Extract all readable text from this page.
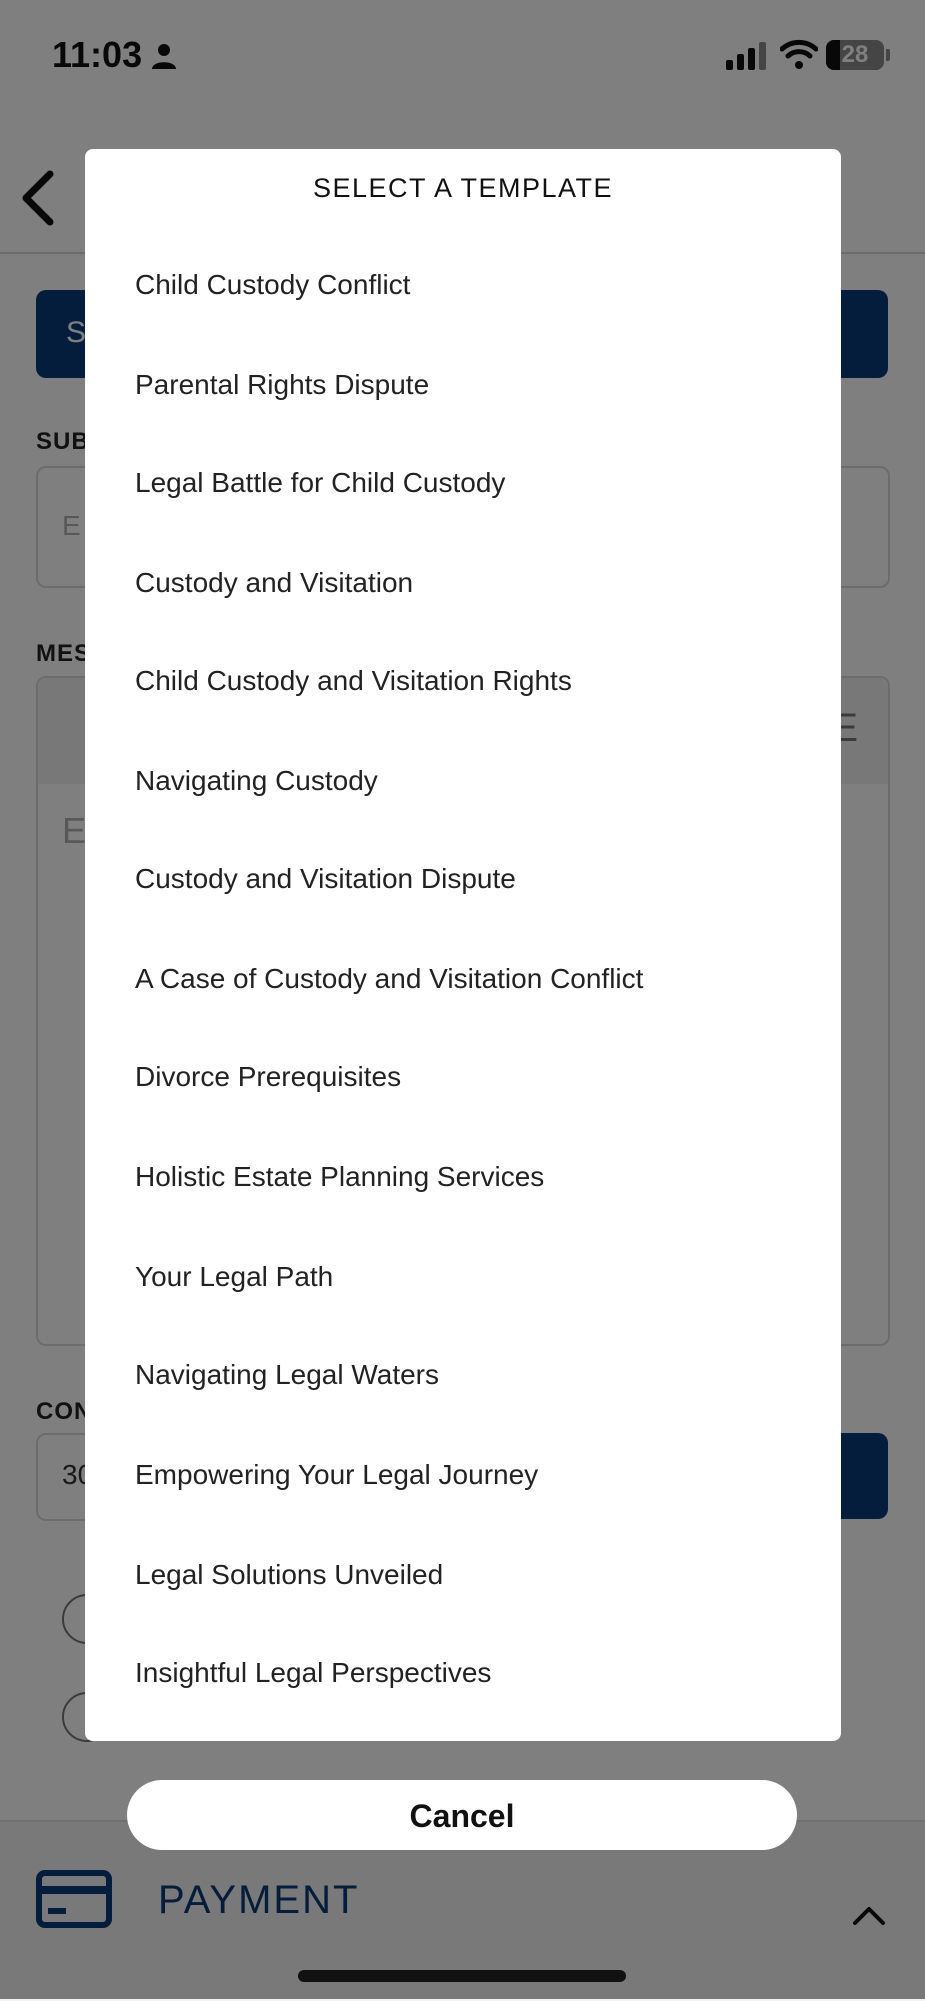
SELECT A TEMPLATE
Child Custody Conflict
Parental Rights Dispute
Legal Battle for Child Custody
Custody and Visitation
Child Custody and Visitation Rights
Navigating Custody
Custody and Visitation Dispute
A Case of Custody and Visitation Conflict
Divorce Prerequisites
Holistic Estate Planning Services
Your Legal Path
Navigating Legal Waters
Empowering Your Legal Journey
Legal Solutions Unveiled
Insightful Legal Perspectives
Cancel
